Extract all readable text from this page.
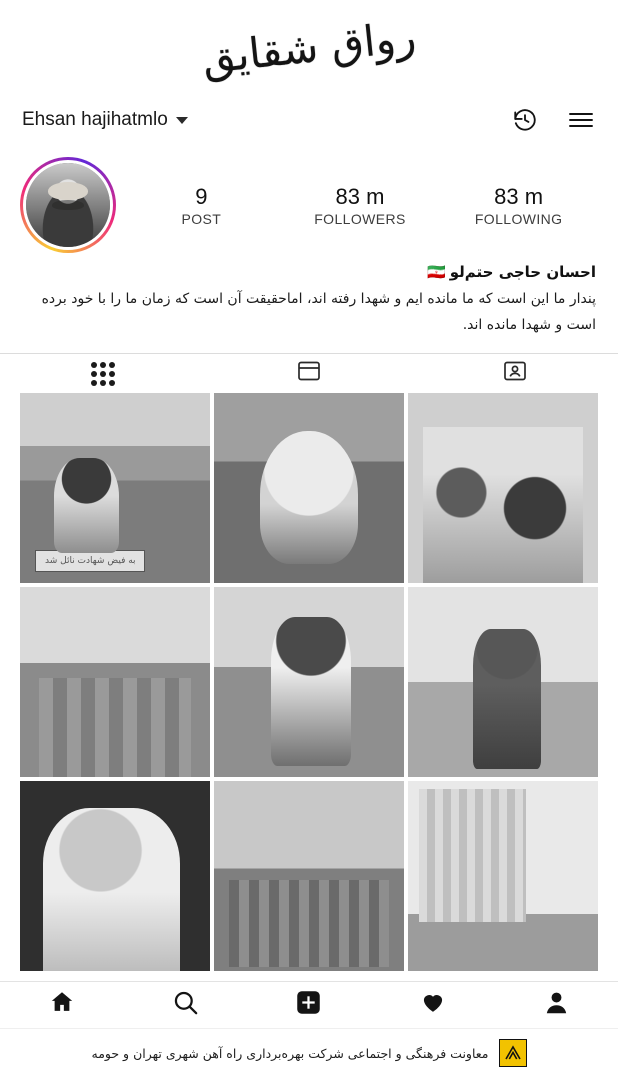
رواق شقایق
Ehsan hajihatmlo
9
POST
83 m
FOLLOWERS
83 m
FOLLOWING
احسان حاجی حتم‌لو🇮🇷
پندار ما این است که ما مانده ایم و شهدا رفته اند، اماحقیقت آن است که زمان ما را با خود برده است و شهدا مانده اند.
به فیض شهادت نائل شد
معاونت فرهنگی و اجتماعی شرکت بهره‌برداری راه آهن شهری تهران و حومه
